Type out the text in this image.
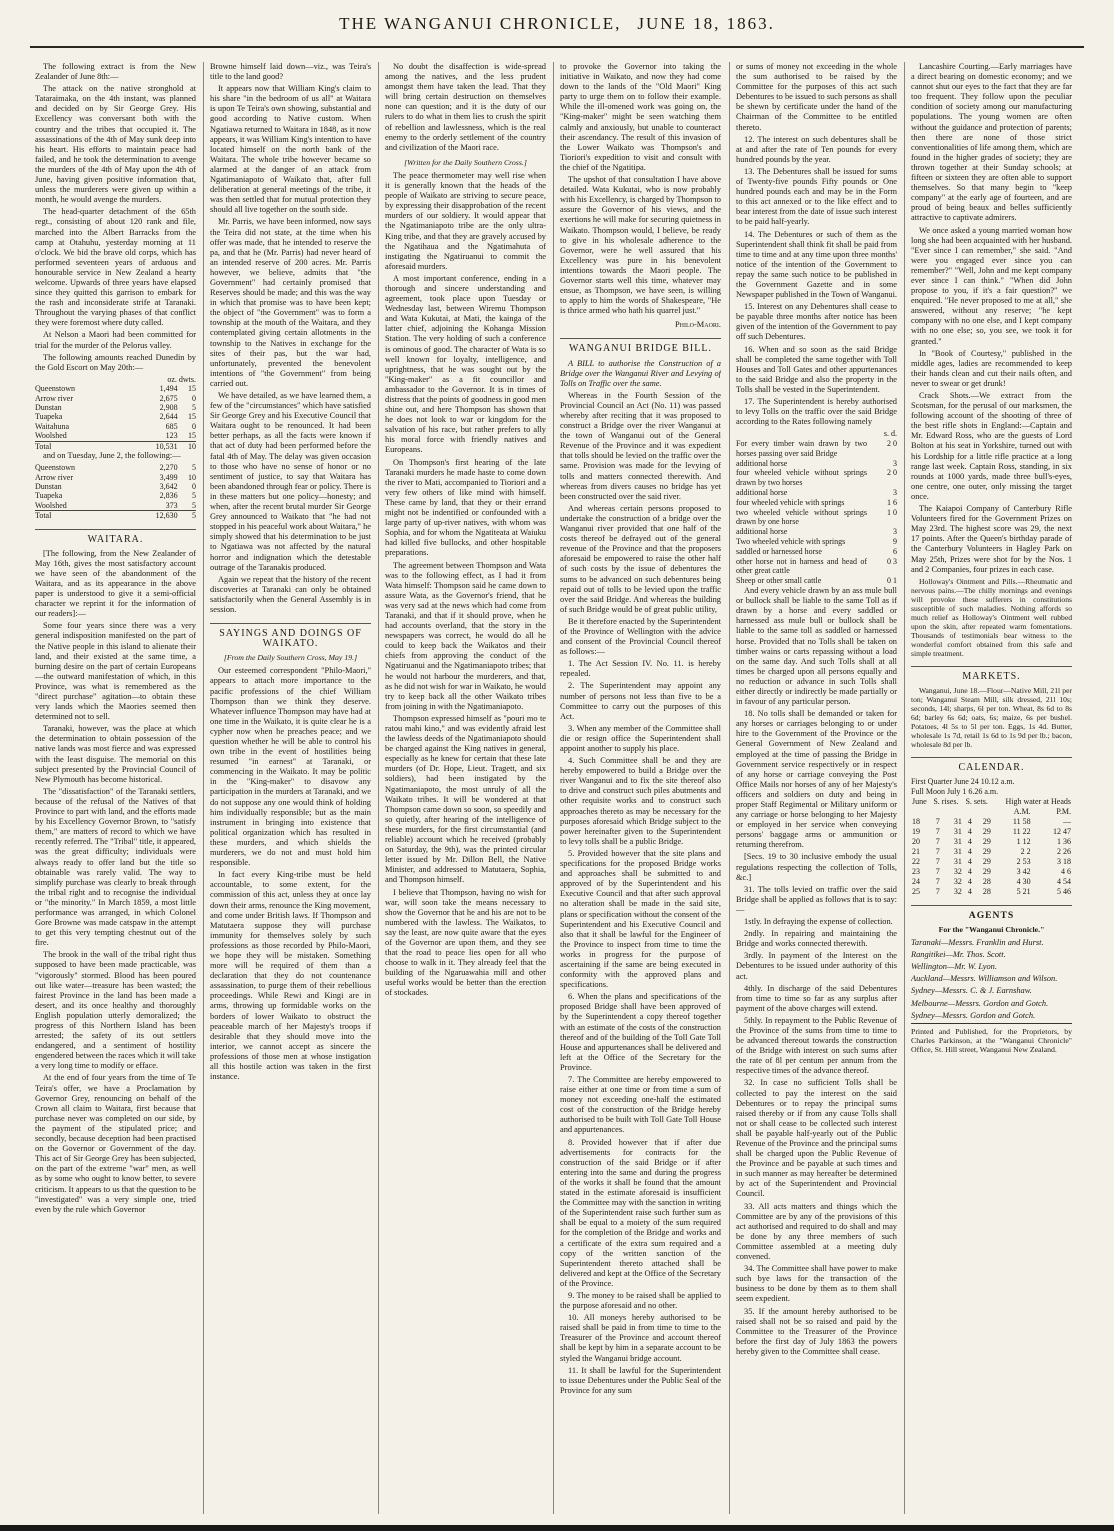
THE WANGANUI CHRONICLE, JUNE 18, 1863.

The following extract is from the New Zealander of June 8th:—

The attack on the native stronghold at Tataraimaka, on the 4th instant, was planned and decided on by Sir George Grey. His Excellency was conversant both with the country and the tribes that occupied it. The assassinations of the 4th of May sunk deep into his heart. His efforts to maintain peace had failed, and he took the determination to avenge the murders of the 4th of May upon the 4th of June, having given positive information that, unless the murderers were given up within a month, he would avenge the murders.

The head-quarter detachment of the 65th regt., consisting of about 120 rank and file, marched into the Albert Barracks from the camp at Otahuhu, yesterday morning at 11 o'clock. We bid the brave old corps, which has performed seventeen years of arduous and honourable service in New Zealand a hearty welcome. Upwards of three years have elapsed since they quitted this garrison to embark for the rash and inconsiderate strife at Taranaki. Throughout the varying phases of that conflict they were foremost where duty called.

At Nelson a Maori had been committed for trial for the murder of the Pelorus valley.

The following amounts reached Dunedin by the Gold Escort on May 20th:—

	oz. dwts.	
Queenstown	1,494	15
Arrow river	2,675	0
Dunstan	2,908	5
Tuapeka	2,644	15
Waitahuna	685	0
Woolshed	123	15
Total	10,531	10

and on Tuesday, June 2, the following:—

Queenstown	2,270	5
Arrow river	3,499	10
Dunstan	3,642	0
Tuapeka	2,836	5
Woolshed	373	5
Total	12,630	5
WAITARA.

[The following, from the New Zealander of May 16th, gives the most satisfactory account we have seen of the abandonment of the Waitara, and as its appearance in the above paper is understood to give it a semi-official character we reprint it for the information of our readers]:—

Some four years since there was a very general indisposition manifested on the part of the Native people in this island to alienate their land, and their existed at the same time, a burning desire on the part of certain Europeans—the outward manifestation of which, in this Province, was what is remembered as the "direct purchase" agitation—to obtain these very lands which the Maories seemed then determined not to sell.

Taranaki, however, was the place at which the determination to obtain possession of the native lands was most fierce and was expressed with the least disguise. The memorial on this subject presented by the Provincial Council of New Plymouth has become historical.

The "dissatisfaction" of the Taranaki settlers, because of the refusal of the Natives of that Province to part with land, and the efforts made by his Excellency Governor Brown, to "satisfy them," are matters of record to which we have recently referred. The "Tribal" title, it appeared, was the great difficulty; individuals were always ready to offer land but the title so obtainable was rarely valid. The way to simplify purchase was clearly to break through the tribal right and to recognise the individual or "the minority." In March 1859, a most little performance was arranged, in which Colonel Gore Browne was made catspaw in the attempt to get this very tempting chestnut out of the fire.

The brook in the wall of the tribal right thus supposed to have been made practicable, was "vigorously" stormed. Blood has been poured out like water—treasure has been wasted; the fairest Province in the land has been made a desert, and its once healthy and thoroughly English population utterly demoralized; the progress of this Northern Island has been arrested; the safety of its out settlers endangered, and a sentiment of hostility engendered between the races which it will take a very long time to modify or efface.

At the end of four years from the time of Te Teira's offer, we have a Proclamation by Governor Grey, renouncing on behalf of the Crown all claim to Waitara, first because that purchase never was completed on our side, by the payment of the stipulated price; and secondly, because deception had been practised on the Governor or Government of the day. This act of Sir George Grey has been subjected, on the part of the extreme "war" men, as well as by some who ought to know better, to severe criticism. It appears to us that the question to be "investigated" was a very simple one, tried even by the rule which Governor

Browne himself laid down—viz., was Teira's title to the land good?

It appears now that William King's claim to his share "in the bedroom of us all" at Waitara is upon Te Teira's own showing, substantial and good according to Native custom. When Ngatiawa returned to Waitara in 1848, as it now appears, it was William King's intention to have located himself on the north bank of the Waitara. The whole tribe however became so alarmed at the danger of an attack from Ngatimaniapoto of Waikato that, after full deliberation at general meetings of the tribe, it was then settled that for mutual protection they should all live together on the south side.

Mr. Parris, we have been informed, now says the Teira did not state, at the time when his offer was made, that he intended to reserve the pa, and that he (Mr. Parris) had never heard of an intended reserve of 200 acres. Mr. Parris however, we believe, admits that "the Government" had certainly promised that Reserves should be made; and this was the way in which that promise was to have been kept; the object of "the Government" was to form a township at the mouth of the Waitara, and they contemplated giving certain allotments in the township to the Natives in exchange for the sites of their pas, but the war had, unfortunately, prevented the benevolent intentions of "the Government" from being carried out.

We have detailed, as we have learned them, a few of the "circumstances" which have satisfied Sir George Grey and his Executive Council that Waitara ought to be renounced. It had been better perhaps, as all the facts were known if that act of duty had been performed before the fatal 4th of May. The delay was given occasion to those who have no sense of honor or no sentiment of justice, to say that Waitara has been abandoned through fear or policy. There is in these matters but one policy—honesty; and when, after the recent brutal murder Sir George Grey announced to Waikato that "he had not stopped in his peaceful work about Waitara," he simply showed that his determination to be just to Ngatiawa was not affected by the natural horror and indignation which the detestable outrage of the Taranakis produced.

Again we repeat that the history of the recent discoveries at Taranaki can only be obtained satisfactorily when the General Assembly is in session.

SAYINGS AND DOINGS OF WAIKATO.
[From the Daily Southern Cross, May 19.]

Our esteemed correspondent "Philo-Maori," appears to attach more importance to the pacific professions of the chief William Thompson than we think they deserve. Whatever influence Thompson may have had at one time in the Waikato, it is quite clear he is a cypher now when he preaches peace; and we question whether he will be able to control his own tribe in the event of hostilities being resumed "in earnest" at Taranaki, or commencing in the Waikato. It may be politic in the "King-maker" to disavow any participation in the murders at Taranaki, and we do not suppose any one would think of holding him individually responsible; but as the main instrument in bringing into existence that political organization which has resulted in these murders, and which shields the murderers, we do not and must hold him responsible.

In fact every King-tribe must be held accountable, to some extent, for the commission of this act, unless they at once lay down their arms, renounce the King movement, and come under British laws. If Thompson and Matutaera suppose they will purchase immunity for themselves solely by such professions as those recorded by Philo-Maori, we hope they will be mistaken. Something more will be required of them than a declaration that they do not countenance assassination, to purge them of their rebellious proceedings. While Rewi and Kingi are in arms, throwing up formidable works on the borders of lower Waikato to obstruct the peaceable march of her Majesty's troops if desirable that they should move into the interior, we cannot accept as sincere the professions of those men at whose instigation all this hostile action was taken in the first instance.

No doubt the disaffection is wide-spread among the natives, and the less prudent amongst them have taken the lead. That they will bring certain destruction on themselves none can question; and it is the duty of our rulers to do what in them lies to crush the spirit of rebellion and lawlessness, which is the real enemy to the orderly settlement of the country and civilization of the Maori race.

[Written for the Daily Southern Cross.]

The peace thermometer may well rise when it is generally known that the heads of the people of Waikato are striving to secure peace, by expressing their disapprobation of the recent murders of our soldiery. It would appear that the Ngatimaniapoto tribe are the only ultra-King tribe, and that they are gravely accused by the Ngatihaua and the Ngatimahuta of instigating the Ngatiruanui to commit the aforesaid murders.

A most important conference, ending in a thorough and sincere understanding and agreement, took place upon Tuesday or Wednesday last, between Wiremu Thompson and Wata Kukutai, at Mati, the kainga of the latter chief, adjoining the Kohanga Mission Station. The very holding of such a conference is ominous of good. The character of Wata is so well known for loyalty, intelligence, and uprightness, that he was sought out by the "King-maker" as a fit councillor and ambassador to the Governor. It is in times of distress that the points of goodness in good men shine out, and here Thompson has shown that he does not look to war or kingdom for the salvation of his race, but rather prefers to ally his moral force with friendly natives and Europeans.

On Thompson's first hearing of the late Taranaki murders he made haste to come down the river to Mati, accompanied to Tioriori and a very few others of like mind with himself. These came by land, that they or their errand might not be indentified or confounded with a large party of up-river natives, with whom was Sophia, and for whom the Ngatiteata at Waiuku had killed five bullocks, and other hospitable preparations.

The agreement between Thompson and Wata was to the following effect, as I had it from Wata himself: Thompson said he came down to assure Wata, as the Governor's friend, that he was very sad at the news which had come from Taranaki, and that if it should prove, when he had accounts overland, that the story in the newspapers was correct, he would do all he could to keep back the Waikatos and their chiefs from approving the conduct of the Ngatiruanui and the Ngatimaniapoto tribes; that he would not harbour the murderers, and that, as he did not wish for war in Waikato, he would try to keep back all the other Waikato tribes from joining in with the Ngatimaniapoto.

Thompson expressed himself as "pouri mo te ratou mahi kino," and was evidently afraid lest the lawless deeds of the Ngatimaniapoto should be charged against the King natives in general, especially as he knew for certain that these late murders (of Dr. Hope, Lieut. Tragett, and six soldiers), had been instigated by the Ngatimaniapoto, the most unruly of all the Waikato tribes. It will be wondered at that Thompson came down so soon, so speedily and so quietly, after hearing of the intelligence of these murders, for the first circumstantial (and reliable) account which he received (probably on Saturday, the 9th), was the printed circular letter issued by Mr. Dillon Bell, the Native Minister, and addressed to Matutaera, Sophia, and Thompson himself.

I believe that Thompson, having no wish for war, will soon take the means necessary to show the Governor that he and his are not to be numbered with the lawless. The Waikatos, to say the least, are now quite aware that the eyes of the Governor are upon them, and they see that the road to peace lies open for all who choose to walk in it. They already feel that the building of the Ngaruawahia mill and other useful works would be better than the erection of stockades.

to provoke the Governor into taking the initiative in Waikato, and now they had come down to the lands of the "Old Maori" King party to urge them on to follow their example. While the ill-omened work was going on, the "King-maker" might be seen watching them calmly and anxiously, but unable to counteract their ascendancy. The result of this invasion of the Lower Waikato was Thompson's and Tioriori's expedition to visit and consult with the chief of the Ngatitipa.

The upshot of that consultation I have above detailed. Wata Kukutai, who is now probably with his Excellency, is charged by Thompson to assure the Governor of his views, and the exertions he will make for securing quietness in Waikato. Thompson would, I believe, be ready to give in his wholesale adherence to the Governor, were he well assured that his Excellency was pure in his benevolent intentions towards the Maori people. The Governor starts well this time, whatever may ensue, as Thompson, we have seen, is willing to apply to him the words of Shakespeare, "He is thrice armed who hath his quarrel just."

Philo-Maori.
WANGANUI BRIDGE BILL.

A BILL to authorise the Construction of a Bridge over the Wanganui River and Levying of Tolls on Traffic over the same.

Whereas in the Fourth Session of the Provincial Council an Act (No. 11) was passed whereby after reciting that it was proposed to construct a Bridge over the river Wanganui at the town of Wanganui out of the General Revenue of the Province and it was expedient that tolls should be levied on the traffic over the same. Provision was made for the levying of tolls and matters connected therewith. And whereas from divers causes no bridge has yet been constructed over the said river.

And whereas certain persons proposed to undertake the construction of a bridge over the Wanganui river provided that one half of the costs thereof be defrayed out of the general revenue of the Province and that the proposers aforesaid be empowered to raise the other half of such costs by the issue of debentures the sums to be advanced on such debentures being repaid out of tolls to be levied upon the traffic over the said Bridge. And whereas the building of such Bridge would be of great public utility,

Be it therefore enacted by the Superintendent of the Province of Wellington with the advice and consent of the Provincial Council thereof as follows:—

1. The Act Session IV. No. 11. is hereby repealed.

2. The Superintendent may appoint any number of persons not less than five to be a Committee to carry out the purposes of this Act.

3. When any member of the Committee shall die or resign office the Superintendent shall appoint another to supply his place.

4. Such Committee shall be and they are hereby empowered to build a Bridge over the river Wanganui and to fix the site thereof also to drive and construct such piles abutments and other requisite works and to construct such approaches thereto as may be necessary for the purposes aforesaid which Bridge subject to the power hereinafter given to the Superintendent to levy tolls shall be a public Bridge.

5. Provided however that the site plans and specifications for the proposed Bridge works and approaches shall be submitted to and approved of by the Superintendent and his Executive Council and that after such approval no alteration shall be made in the said site, plans or specification without the consent of the Superintendent and his Executive Council and also that it shall be lawful for the Engineer of the Province to inspect from time to time the works in progress for the purpose of ascertaining if the same are being executed in conformity with the approved plans and specifications.

6. When the plans and specifications of the proposed Bridge shall have been approved of by the Superintendent a copy thereof together with an estimate of the costs of the construction thereof and of the building of the Toll Gate Toll House and appurtenances shall be delivered and left at the Office of the Secretary for the Province.

7. The Committee are hereby empowered to raise either at one time or from time a sum of money not exceeding one-half the estimated cost of the construction of the Bridge hereby authorised to be built with Toll Gate Toll House and appurtenances.

8. Provided however that if after due advertisements for contracts for the construction of the said Bridge or if after entering into the same and during the progress of the works it shall be found that the amount stated in the estimate aforesaid is insufficient the Committee may with the sanction in writing of the Superintendent raise such further sum as shall be equal to a moiety of the sum required for the completion of the Bridge and works and a certificate of the extra sum required and a copy of the written sanction of the Superintendent thereto attached shall be delivered and kept at the Office of the Secretary of the Province.

9. The money to be raised shall be applied to the purpose aforesaid and no other.

10. All moneys hereby authorised to be raised shall be paid in from time to time to the Treasurer of the Province and account thereof shall be kept by him in a separate account to be styled the Wanganui bridge account.

11. It shall be lawful for the Superintendent to issue Debentures under the Public Seal of the Province for any sum

or sums of money not exceeding in the whole the sum authorised to be raised by the Committee for the purposes of this act such Debentures to be issued to such persons as shall be shewn by certificate under the hand of the Chairman of the Committee to be entitled thereto.

12. The interest on such debentures shall be at and after the rate of Ten pounds for every hundred pounds by the year.

13. The Debentures shall be issued for sums of Twenty-five pounds Fifty pounds or One hundred pounds each and may be in the Form to this act annexed or to the like effect and to bear interest from the date of issue such interest to be paid half-yearly.

14. The Debentures or such of them as the Superintendent shall think fit shall be paid from time to time and at any time upon three months' notice of the intention of the Government to repay the same such notice to be published in the Government Gazette and in some Newspaper published in the Town of Wanganui.

15. Interest on any Debentures shall cease to be payable three months after notice has been given of the intention of the Government to pay off such Debentures.

16. When and so soon as the said Bridge shall be completed the same together with Toll Houses and Toll Gates and other appurtenances to the said Bridge and also the property in the Tolls shall be vested in the Superintendent.

17. The Superintendent is hereby authorised to levy Tolls on the traffic over the said Bridge according to the Rates following namely

s. d.
For every timber wain drawn by two horses passing over said Bridge
2 0
additional horse	3
four wheeled vehicle without springs drawn by two horses
2 0
additional horse	3
four wheeled vehicle with springs	1 6
two wheeled vehicle without springs drawn by one horse
1 0
additional horse	3
Two wheeled vehicle with springs	9
saddled or harnessed horse	6
other horse not in harness and head of other great cattle
0 3
Sheep or other small cattle	0 1

And every vehicle drawn by an ass mule bull or bullock shall be liable to the same Toll as if drawn by a horse and every saddled or harnessed ass mule bull or bullock shall be liable to the same toll as saddled or harnessed horse. Provided that no Tolls shall be taken on timber wains or carts repassing without a load on the same day. And such Tolls shall at all times be charged upon all persons equally and no reduction or advance in such Tolls shall either directly or indirectly be made partially or in favour of any particular person.

18. No tolls shall be demanded or taken for any horses or carriages belonging to or under hire to the Government of the Province or the General Government of New Zealand and employed at the time of passing the Bridge in Government service respectively or in respect of any horse or carriage conveying the Post Office Mails nor horses of any of her Majesty's officers and soldiers on duty and being in proper Staff Regimental or Military uniform or any carriage or horse belonging to her Majesty or employed in her service when conveying persons' baggage arms or ammunition or returning therefrom.

[Secs. 19 to 30 inclusive embody the usual regulations respecting the collection of Tolls, &c.]

31. The tolls levied on traffic over the said Bridge shall be applied as follows that is to say:—

1stly. In defraying the expense of collection.

2ndly. In repairing and maintaining the Bridge and works connected therewith.

3rdly. In payment of the Interest on the Debentures to be issued under authority of this act.

4thly. In discharge of the said Debentures from time to time so far as any surplus after payment of the above charges will extend.

5thly. In repayment to the Public Revenue of the Province of the sums from time to time to be advanced thereout towards the construction of the Bridge with interest on such sums after the rate of 8l per centum per annum from the respective times of the advance thereof.

32. In case no sufficient Tolls shall be collected to pay the interest on the said Debentures or to repay the principal sums raised thereby or if from any cause Tolls shall not or shall cease to be collected such interest shall be payable half-yearly out of the Public Revenue of the Province and the principal sums shall be charged upon the Public Revenue of the Province and be payable at such times and in such manner as may hereafter be determined by act of the Superintendent and Provincial Council.

33. All acts matters and things which the Committee are by any of the provisions of this act authorised and required to do shall and may be done by any three members of such Committee assembled at a meeting duly convened.

34. The Committee shall have power to make such bye laws for the transaction of the business to be done by them as to them shall seem expedient.

35. If the amount hereby authorised to be raised shall not be so raised and paid by the Committee to the Treasurer of the Province before the first day of July 1863 the powers hereby given to the Committee shall cease.

Lancashire Courting.—Early marriages have a direct bearing on domestic economy; and we cannot shut our eyes to the fact that they are far too frequent. They follow upon the peculiar condition of society among our manufacturing populations. The young women are often without the guidance and protection of parents; then there are none of those strict conventionalities of life among them, which are found in the higher grades of society; they are thrown together at their Sunday schools; at fifteen or sixteen they are often able to support themselves. So that many begin to "keep company" at the early age of fourteen, and are proud of being beaux and belles sufficiently attractive to captivate admirers.

We once asked a young married woman how long she had been acquainted with her husband. "Ever since I can remember," she said. "And were you engaged ever since you can remember?" "Well, John and me kept company ever since I can think." "When did John propose to you, if it's a fair question?" we enquired. "He never proposed to me at all," she answered, without any reserve; "he kept company with no one else, and I kept company with no one else; so, you see, we took it for granted."

In "Book of Courtesy," published in the middle ages, ladies are recommended to keep their hands clean and cut their nails often, and never to swear or get drunk!

Crack Shots.—We extract from the Scotsman, for the perusal of our marksmen, the following account of the shooting of three of the best rifle shots in England:—Captain and Mr. Edward Ross, who are the guests of Lord Bolton at his seat in Yorkshire, turned out with his Lordship for a little rifle practice at a long range last week. Captain Ross, standing, in six rounds at 1000 yards, made three bull's-eyes, one centre, one outer, only missing the target once.

The Kaiapoi Company of Canterbury Rifle Volunteers fired for the Government Prizes on May 23rd. The highest score was 29, the next 17 points. After the Queen's birthday parade of the Canterbury Volunteers in Hagley Park on May 25th, Prizes were shot for by the Nos. 1 and 2 Companies, four prizes in each case.

Holloway's Ointment and Pills.—Rheumatic and nervous pains.—The chilly mornings and evenings will provoke these sufferers in constitutions susceptible of such maladies. Nothing affords so much relief as Holloway's Ointment well rubbed upon the skin, after repeated warm fomentations. Thousands of testimonials bear witness to the wonderful comfort obtained from this safe and simple treatment.

MARKETS.

Wanganui, June 18.—Flour—Native Mill, 21l per ton; Wanganui Steam Mill, silk dressed, 21l 10s; seconds, 14l; sharps, 6l per ton. Wheat, 8s 6d to 8s 6d; barley 6s 6d; oats, 6s; maize, 6s per bushel. Potatoes, 4l 5s to 5l per ton. Eggs, 1s 4d. Butter, wholesale 1s 7d, retail 1s 6d to 1s 9d per lb.; bacon, wholesale 8d per lb.

CALENDAR.
First Quarter June 24 10.12 a.m.
Full Moon July 1 6.26 a.m.
June	S.	rises.	S.	sets.	High water at Heads	
					A.M.	P.M.
18	7	31	4	29	11 58	—
19	7	31	4	29	11 22	12 47
20	7	31	4	29	1 12	1 36
21	7	31	4	29	2 2	2 26
22	7	31	4	29	2 53	3 18
23	7	32	4	29	3 42	4 6
24	7	32	4	28	4 30	4 54
25	7	32	4	28	5 21	5 46
AGENTS
For the "Wanganui Chronicle."

Taranaki—Messrs. Franklin and Hurst.

Rangitikei—Mr. Thos. Scott.

Wellington—Mr. W. Lyon.

Auckland—Messrs. Williamson and Wilson.

Sydney—Messrs. C. & J. Earnshaw.

Melbourne—Messrs. Gordon and Gotch.

Sydney—Messrs. Gordon and Gotch.

Printed and Published, for the Proprietors, by Charles Parkinson, at the "Wanganui Chronicle" Office, St. Hill street, Wanganui New Zealand.
